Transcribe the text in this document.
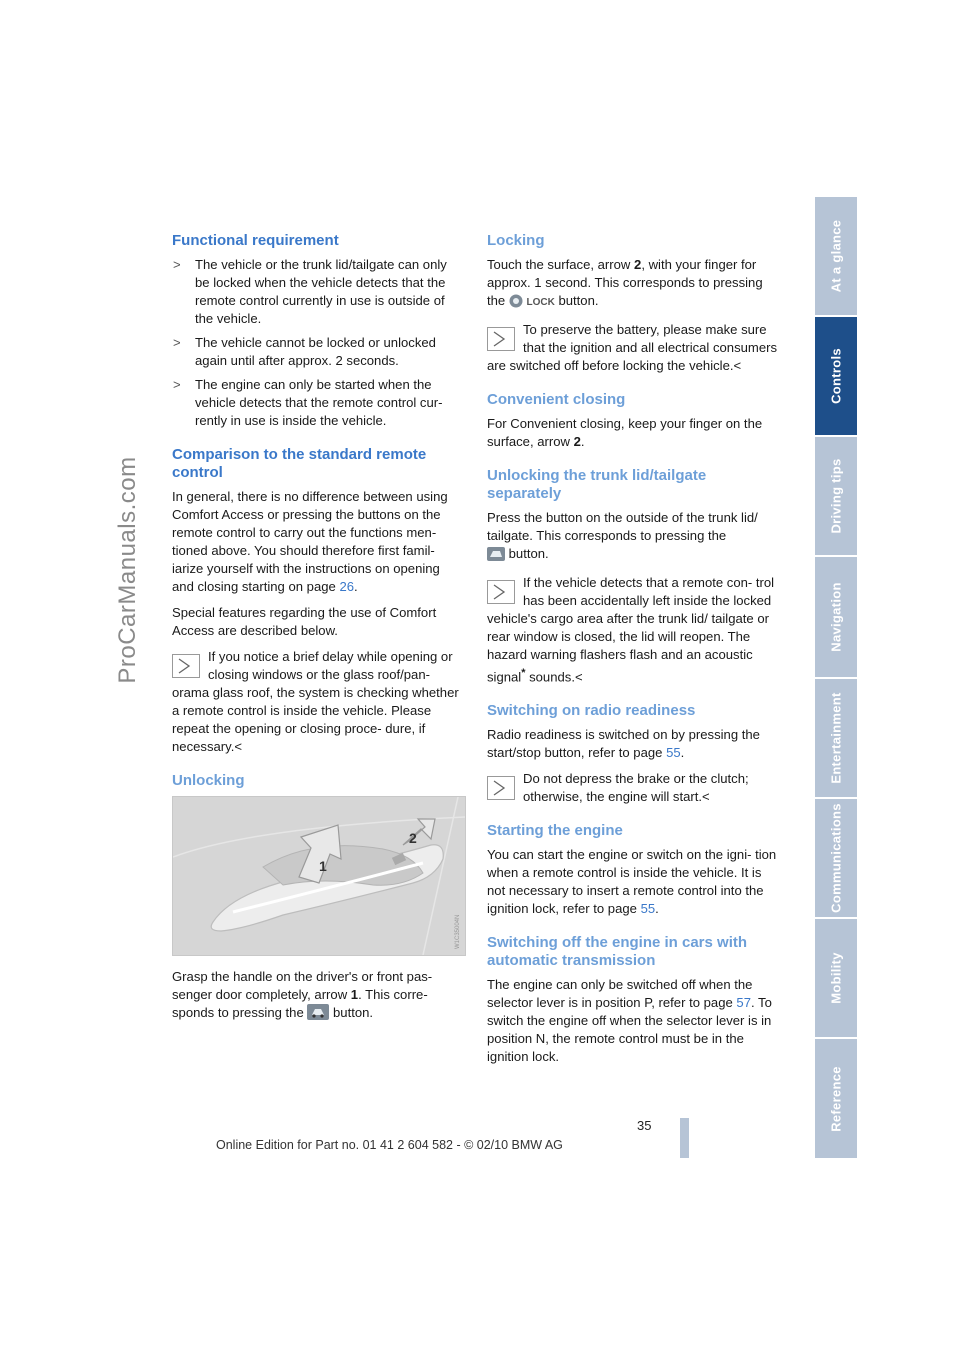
ProCarManuals.com
Functional requirement
> The vehicle or the trunk lid/tailgate can only be locked when the vehicle detects that the remote control currently in use is outside of the vehicle.
> The vehicle cannot be locked or unlocked again until after approx. 2 seconds.
> The engine can only be started when the vehicle detects that the remote control cur- rently in use is inside the vehicle.
Comparison to the standard remote control

In general, there is no difference between using Comfort Access or pressing the buttons on the remote control to carry out the functions men- tioned above. You should therefore first famil- iarize yourself with the instructions on opening and closing starting on page 26.

Special features regarding the use of Comfort Access are described below.

If you notice a brief delay while opening or closing windows or the glass roof/pan- orama glass roof, the system is checking whether a remote control is inside the vehicle. Please repeat the opening or closing proce- dure, if necessary.<
Unlocking
1
2
W1C35004N

Grasp the handle on the driver's or front pas- senger door completely, arrow 1. This corre- sponds to pressing the  button.

Locking

Touch the surface, arrow 2, with your finger for approx. 1 second. This corresponds to pressing the  LOCK button.

To preserve the battery, please make sure that the ignition and all electrical consumers are switched off before locking the vehicle.<
Convenient closing

For Convenient closing, keep your finger on the surface, arrow 2.

Unlocking the trunk lid/tailgate separately

Press the button on the outside of the trunk lid/ tailgate. This corresponds to pressing the
button.

If the vehicle detects that a remote con- trol has been accidentally left inside the locked vehicle's cargo area after the trunk lid/ tailgate or rear window is closed, the lid will reopen. The hazard warning flashers flash and an acoustic signal* sounds.<
Switching on radio readiness

Radio readiness is switched on by pressing the start/stop button, refer to page 55.

Do not depress the brake or the clutch; otherwise, the engine will start.<
Starting the engine

You can start the engine or switch on the igni- tion when a remote control is inside the vehicle. It is not necessary to insert a remote control into the ignition lock, refer to page 55.

Switching off the engine in cars with automatic transmission

The engine can only be switched off when the selector lever is in position P, refer to page 57. To switch the engine off when the selector lever is in position N, the remote control must be in the ignition lock.

At a glance
Controls
Driving tips
Navigation
Entertainment
Communications
Mobility
Reference
35
Online Edition for Part no. 01 41 2 604 582 - © 02/10 BMW AG
